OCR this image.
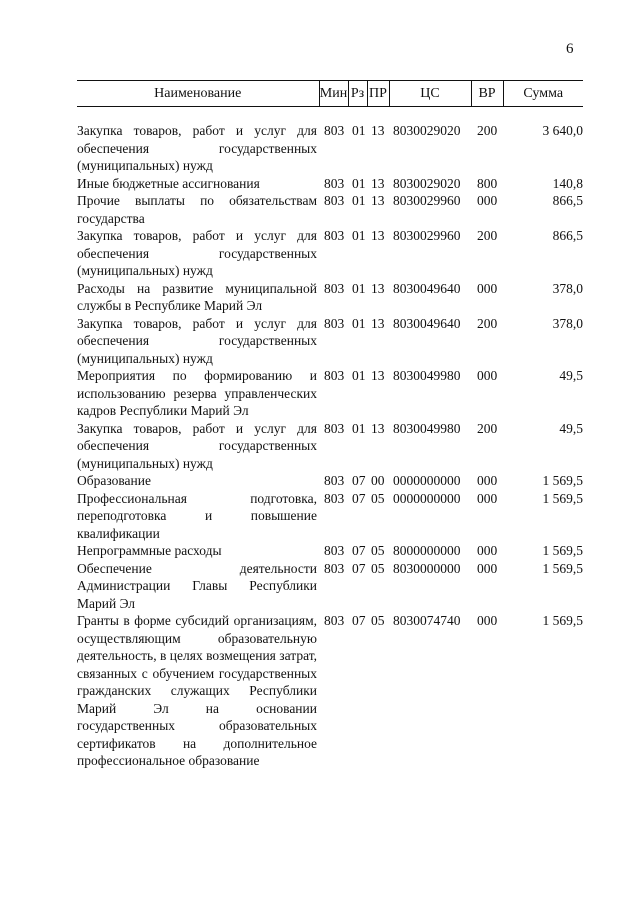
6
Наименование	Мин	Рз	ПР	ЦС	ВР	Сумма

Закупка товаров, работ и услуг для обеспечения государственных (муниципальных) нужд	803	01	13	8030029020	200	3 640,0
Иные бюджетные ассигнования	803	01	13	8030029020	800	140,8
Прочие выплаты по обязательствам государства	803	01	13	8030029960	000	866,5
Закупка товаров, работ и услуг для обеспечения государственных (муниципальных) нужд	803	01	13	8030029960	200	866,5
Расходы на развитие муниципальной службы в Республике Марий Эл	803	01	13	8030049640	000	378,0
Закупка товаров, работ и услуг для обеспечения государственных (муниципальных) нужд	803	01	13	8030049640	200	378,0
Мероприятия по формированию и использованию резерва управленческих кадров Республики Марий Эл	803	01	13	8030049980	000	49,5
Закупка товаров, работ и услуг для обеспечения государственных (муниципальных) нужд	803	01	13	8030049980	200	49,5
Образование	803	07	00	0000000000	000	1 569,5
Профессиональная подготовка, переподготовка и повышение квалификации	803	07	05	0000000000	000	1 569,5
Непрограммные расходы	803	07	05	8000000000	000	1 569,5
Обеспечение деятельности Администрации Главы Республики Марий Эл	803	07	05	8030000000	000	1 569,5
Гранты в форме субсидий организациям, осуществляющим образовательную деятельность, в целях возмещения затрат, связанных с обучением государственных гражданских служащих Республики Марий Эл на основании государственных образовательных сертификатов на дополнительное профессиональное образование	803	07	05	8030074740	000	1 569,5
